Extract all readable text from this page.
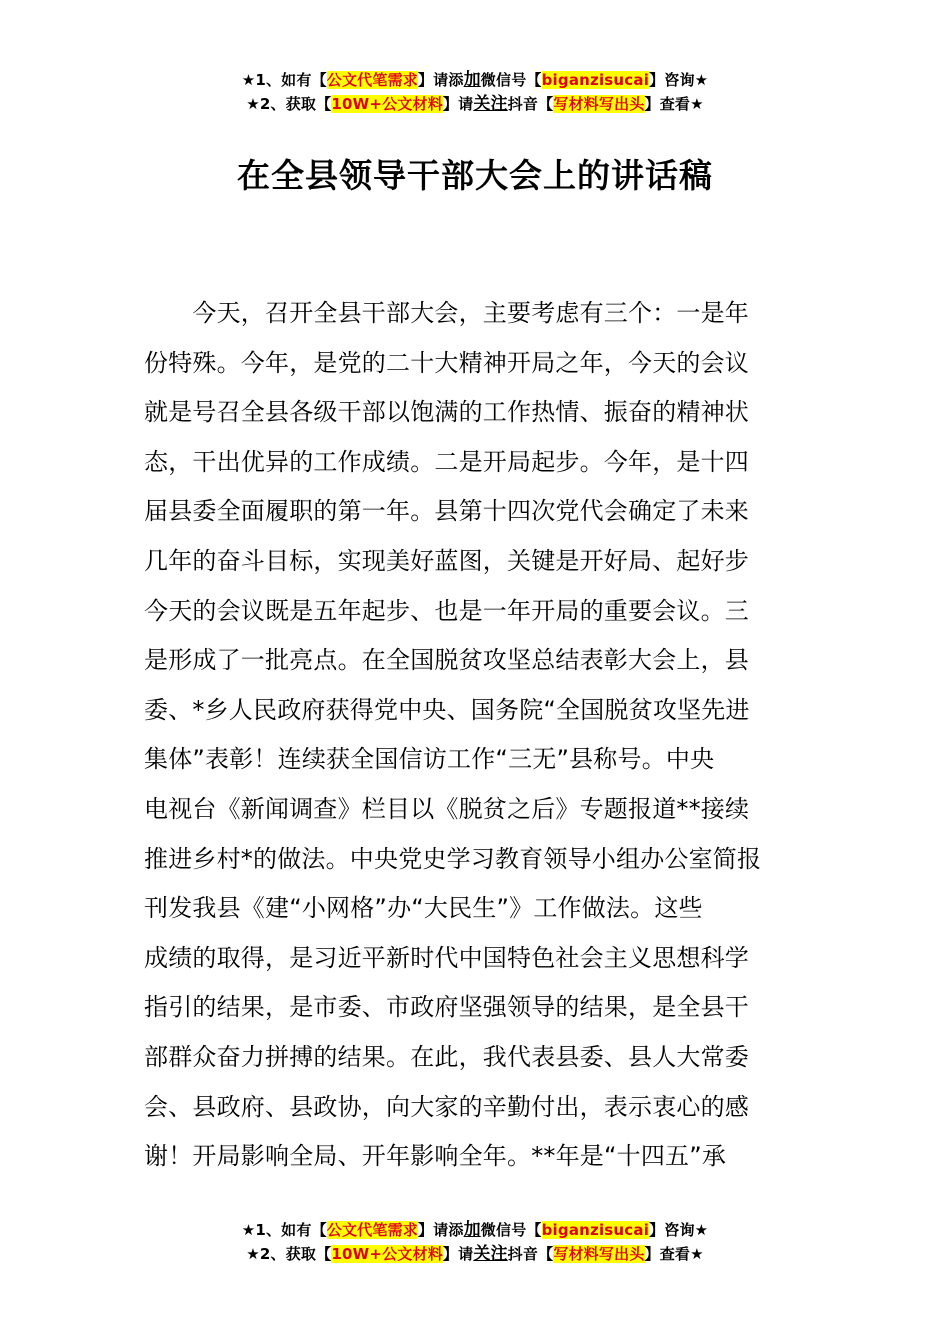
★1、如有【公文代笔需求】请添加微信号【biganzisucai】咨询★
★2、获取【10W+公文材料】请关注抖音【写材料写出头】查看★
在全县领导干部大会上的讲话稿
　　今天，召开全县干部大会，主要考虑有三个：一是年
份特殊。今年，是党的二十大精神开局之年，今天的会议
就是号召全县各级干部以饱满的工作热情、振奋的精神状
态，干出优异的工作成绩。二是开局起步。今年，是十四
届县委全面履职的第一年。县第十四次党代会确定了未来
几年的奋斗目标，实现美好蓝图，关键是开好局、起好步
今天的会议既是五年起步、也是一年开局的重要会议。三
是形成了一批亮点。在全国脱贫攻坚总结表彰大会上，县
委、*乡人民政府获得党中央、国务院“全国脱贫攻坚先进
集体”表彰！连续获全国信访工作“三无”县称号。中央
电视台《新闻调查》栏目以《脱贫之后》专题报道**接续
推进乡村*的做法。中央党史学习教育领导小组办公室简报
刊发我县《建“小网格”办“大民生”》工作做法。这些
成绩的取得，是习近平新时代中国特色社会主义思想科学
指引的结果，是市委、市政府坚强领导的结果，是全县干
部群众奋力拼搏的结果。在此，我代表县委、县人大常委
会、县政府、县政协，向大家的辛勤付出，表示衷心的感
谢！开局影响全局、开年影响全年。**年是“十四五”承
★1、如有【公文代笔需求】请添加微信号【biganzisucai】咨询★
★2、获取【10W+公文材料】请关注抖音【写材料写出头】查看★
